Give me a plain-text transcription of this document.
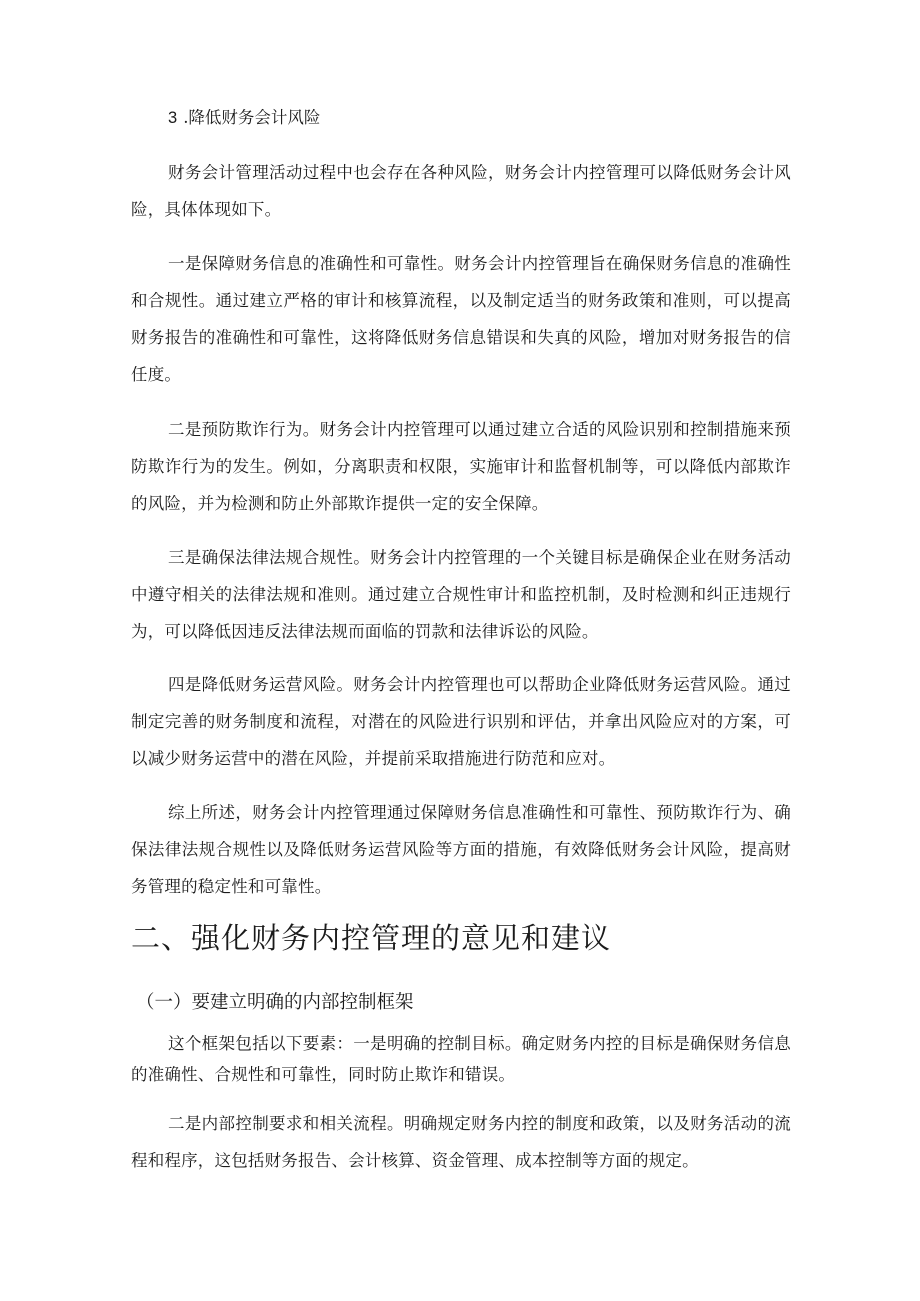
3 .降低财务会计风险

财务会计管理活动过程中也会存在各种风险，财务会计内控管理可以降低财务会计风险，具体体现如下。

一是保障财务信息的准确性和可靠性。财务会计内控管理旨在确保财务信息的准确性和合规性。通过建立严格的审计和核算流程，以及制定适当的财务政策和准则，可以提高财务报告的准确性和可靠性，这将降低财务信息错误和失真的风险，增加对财务报告的信任度。

二是预防欺诈行为。财务会计内控管理可以通过建立合适的风险识别和控制措施来预防欺诈行为的发生。例如，分离职责和权限，实施审计和监督机制等，可以降低内部欺诈的风险，并为检测和防止外部欺诈提供一定的安全保障。

三是确保法律法规合规性。财务会计内控管理的一个关键目标是确保企业在财务活动中遵守相关的法律法规和准则。通过建立合规性审计和监控机制，及时检测和纠正违规行为，可以降低因违反法律法规而面临的罚款和法律诉讼的风险。

四是降低财务运营风险。财务会计内控管理也可以帮助企业降低财务运营风险。通过制定完善的财务制度和流程，对潜在的风险进行识别和评估，并拿出风险应对的方案，可以减少财务运营中的潜在风险，并提前采取措施进行防范和应对。

综上所述，财务会计内控管理通过保障财务信息准确性和可靠性、预防欺诈行为、确保法律法规合规性以及降低财务运营风险等方面的措施，有效降低财务会计风险，提高财务管理的稳定性和可靠性。

二、强化财务内控管理的意见和建议
（一）要建立明确的内部控制框架

这个框架包括以下要素：一是明确的控制目标。确定财务内控的目标是确保财务信息的准确性、合规性和可靠性，同时防止欺诈和错误。

二是内部控制要求和相关流程。明确规定财务内控的制度和政策，以及财务活动的流程和程序，这包括财务报告、会计核算、资金管理、成本控制等方面的规定。
